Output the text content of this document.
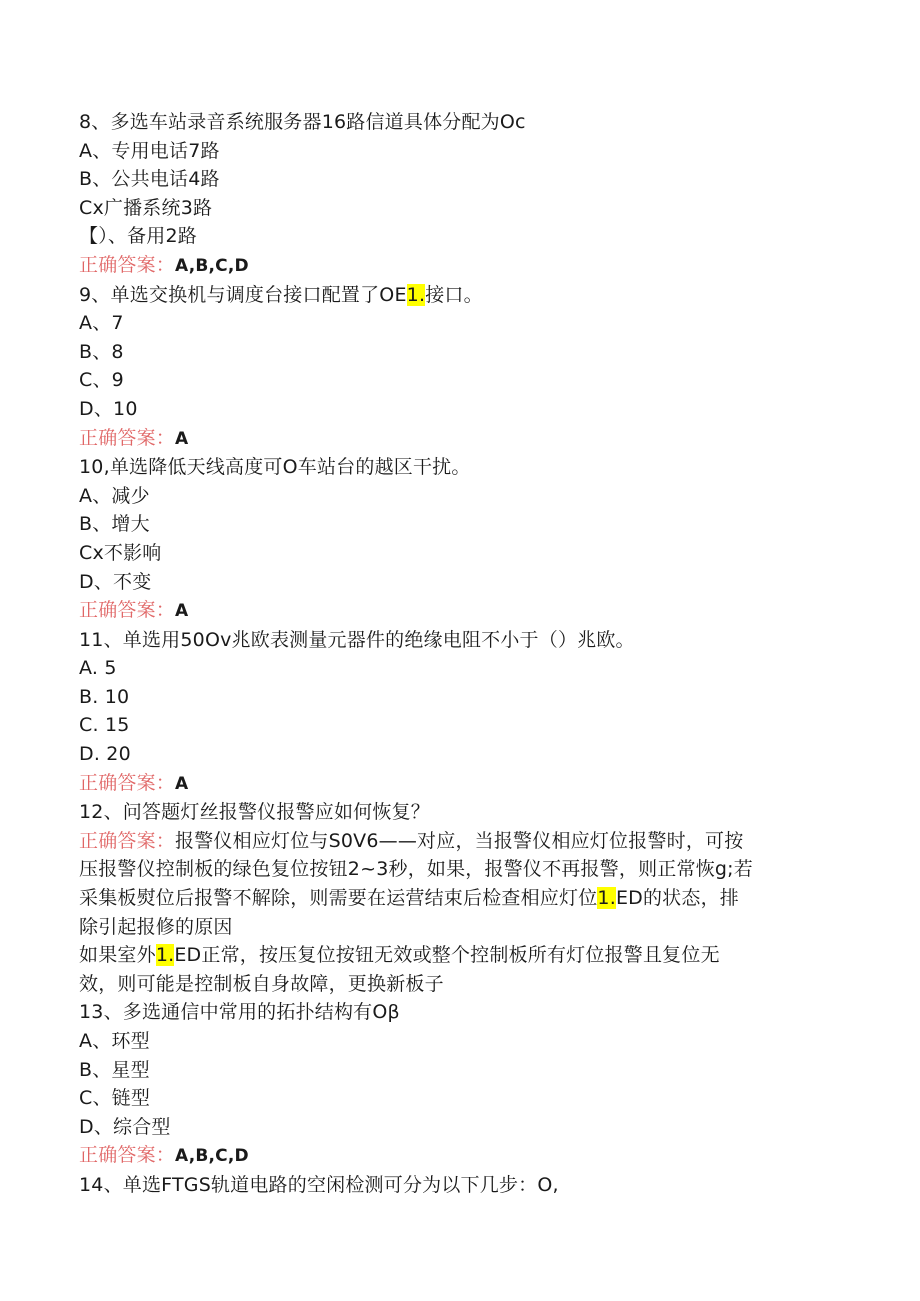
8、多选车站录音系统服务器16路信道具体分配为Oc
A、专用电话7路
B、公共电话4路
Cx广播系统3路
【）、备用2路
正确答案：A,B,C,D
9、单选交换机与调度台接口配置了OE1.接口。
A、7
B、8
C、9
D、10
正确答案：A
10,单选降低天线高度可O车站台的越区干扰。
A、减少
B、增大
Cx不影响
D、不变
正确答案：A
11、单选用50Ov兆欧表测量元器件的绝缘电阻不小于（）兆欧。
A. 5
B. 10
C. 15
D. 20
正确答案：A
12、问答题灯丝报警仪报警应如何恢复？
正确答案：报警仪相应灯位与S0V6——对应，当报警仪相应灯位报警时，可按
压报警仪控制板的绿色复位按钮2~3秒，如果，报警仪不再报警，则正常恢g;若
采集板熨位后报警不解除，则需要在运营结束后检查相应灯位1.ED的状态，排
除引起报修的原因
如果室外1.ED正常，按压复位按钮无效或整个控制板所有灯位报警且复位无
效，则可能是控制板自身故障，更换新板子
13、多选通信中常用的拓扑结构有Oβ
A、环型
B、星型
C、链型
D、综合型
正确答案：A,B,C,D
14、单选FTGS轨道电路的空闲检测可分为以下几步：O,
